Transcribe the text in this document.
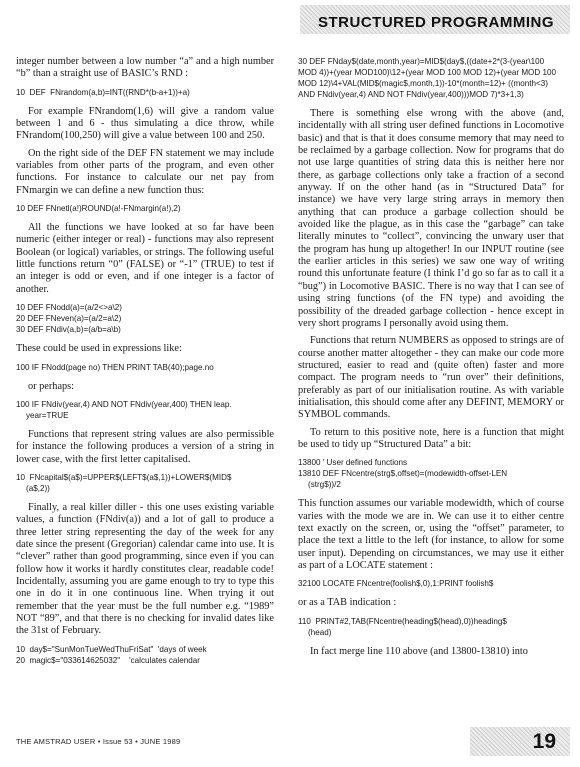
STRUCTURED PROGRAMMING

integer number between a low number “a” and a high number “b” than a straight use of BASIC’s RND :

10  DEF  FNrandom(a,b)=INT((RND*(b-a+1))+a)

For example FNrandom(1,6) will give a random value between 1 and 6 - thus simulating a dice throw, while FNrandom(100,250) will give a value between 100 and 250.

On the right side of the DEF FN statement we may include variables from other parts of the program, and even other functions. For instance to calculate our net pay from FNmargin we can define a new function thus:

10 DEF FNnetl(a!)ROUND(a!-FNmargin(a!),2)

All the functions we have looked at so far have been numeric (either integer or real) - functions may also represent Boolean (or logical) variables, or strings. The following useful little functions return “0” (FALSE) or “-1” (TRUE) to test if an integer is odd or even, and if one integer is a factor of another.

10 DEF FNodd(a)=(a/2<>a\2)
20 DEF FNeven(a)=(a/2=a\2)
30 DEF FNdiv(a,b)=(a/b=a\b)

These could be used in expressions like:

100 IF FNodd(page no) THEN PRINT TAB(40);page.no

or perhaps:

100 IF FNdiv(year,4) AND NOT FNdiv(year,400) THEN leap.
year=TRUE

Functions that represent string values are also permissible for instance the following produces a version of a string in lower case, with the first letter capitalised.

10  FNcapital$(a$)=UPPER$(LEFT$(a$,1))+LOWER$(MID$
(a$,2))

Finally, a real killer diller - this one uses existing variable values, a function (FNdiv(a)) and a lot of gall to produce a three letter string representing the day of the week for any date since the present (Gregorian) calendar came into use. It is “clever” rather than good programming, since even if you can follow how it works it hardly constitutes clear, readable code! Incidentally, assuming you are game enough to try to type this one in do it in one continuous line. When trying it out remember that the year must be the full number e.g. “1989” NOT “89”, and that there is no checking for invalid dates like the 31st of February.

10  day$="SunMonTueWedThuFriSat"  'days of week
20  magic$="033614625032"    'calculates calendar
30 DEF FNday$(date,month,year)=MID$(day$,((date+2*(3-(year\100 MOD 4))+(year MOD100)\12+(year MOD 100 MOD 12)+(year MOD 100 MOD 12)\4+VAL(MID$(magic$,month,1))-10*(month=12)+ ((month<3) AND FNdiv(year,4) AND NOT FNdiv(year,400)))MOD 7)*3+1,3)

There is something else wrong with the above (and, incidentally with all string user defined functions in Locomotive basic) and that is that it does consume memory that may need to be reclaimed by a garbage collection. Now for programs that do not use large quantities of string data this is neither here nor there, as garbage collections only take a fraction of a second anyway. If on the other hand (as in “Structured Data” for instance) we have very large string arrays in memory then anything that can produce a garbage collection should be avoided like the plague, as in this case the “garbage” can take literally minutes to “collect”, convincing the unwary user that the program has hung up altogether! In our INPUT routine (see the earlier articles in this series) we saw one way of writing round this unfortunate feature (I think I’d go so far as to call it a “bug”) in Locomotive BASIC. There is no way that I can see of using string functions (of the FN type) and avoiding the possibility of the dreaded garbage collection - hence except in very short programs I personally avoid using them.

Functions that return NUMBERS as opposed to strings are of course another matter altogether - they can make our code more structured, easier to read and (quite often) faster and more compact. The program needs to “run over” their definitions, preferably as part of our initialisation routine. As with variable initialisation, this should come after any DEFINT, MEMORY or SYMBOL commands.

To return to this positive note, here is a function that might be used to tidy up “Structured Data” a bit:

13800 ' User defined functions
13810 DEF FNcentre(strg$,offset)=(modewidth-offset-LEN
(strg$))/2

This function assumes our variable modewidth, which of course varies with the mode we are in. We can use it to either centre text exactly on the screen, or, using the “offset” parameter, to place the text a little to the left (for instance, to allow for some user input). Depending on circumstances, we may use it either as part of a LOCATE statement :

32100 LOCATE FNcentre(foolish$,0),1:PRINT foolish$

or as a TAB indication :

110  PRINT#2,TAB(FNcentre(heading$(head),0))heading$
(head)

In fact merge line 110 above (and 13800-13810) into

THE AMSTRAD USER • Issue 53 • JUNE 1989	19
